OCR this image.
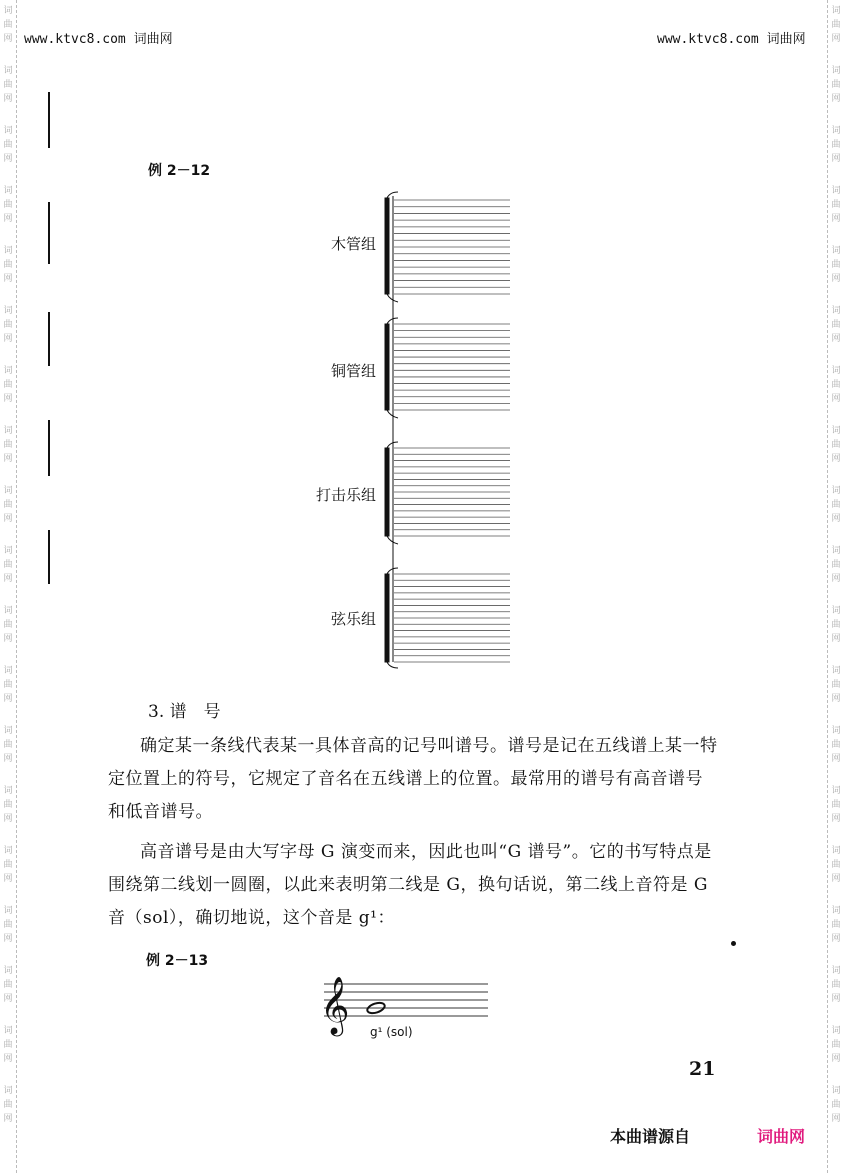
词
曲
网
词
曲
网
词
曲
网
词
曲
网
词
曲
网
词
曲
网
词
曲
网
词
曲
网
词
曲
网
词
曲
网
词
曲
网
词
曲
网
词
曲
网
词
曲
网
词
曲
网
词
曲
网
词
曲
网
词
曲
网
词
曲
网
词
曲
网
词
曲
网
词
曲
网
词
曲
网
词
曲
网
词
曲
网
词
曲
网
词
曲
网
词
曲
网
词
曲
网
词
曲
网
词
曲
网
词
曲
网
词
曲
网
词
曲
网
词
曲
网
词
曲
网
词
曲
网
词
曲
网
www.ktvc8.com 词曲网	www.ktvc8.com 词曲网
例 2－12
木管组
铜管组
打击乐组
弦乐组
3. 谱　号

确定某一条线代表某一具体音高的记号叫谱号。谱号是记在五线谱上某一特定位置上的符号，它规定了音名在五线谱上的位置。最常用的谱号有高音谱号和低音谱号。

高音谱号是由大写字母 G 演变而来，因此也叫“G 谱号”。它的书写特点是围绕第二线划一圆圈，以此来表明第二线是 G，换句话说，第二线上音符是 G 音（sol），确切地说，这个音是 g¹：

例 2－13
𝄞 g¹ (sol)
21
本曲谱源自	词曲网
